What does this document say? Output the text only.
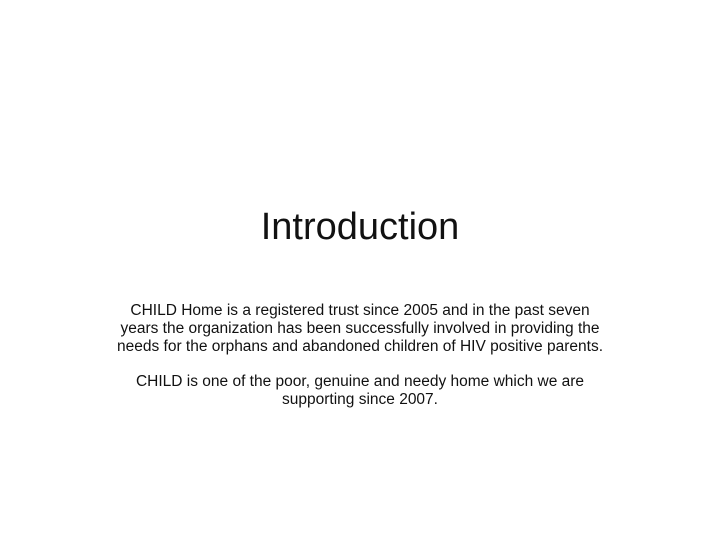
Introduction

CHILD Home is a registered trust since 2005 and in the past seven years the organization has been successfully involved in providing the needs for the orphans and abandoned children of HIV positive parents.

CHILD is one of the poor, genuine and needy home which we are supporting since 2007.
